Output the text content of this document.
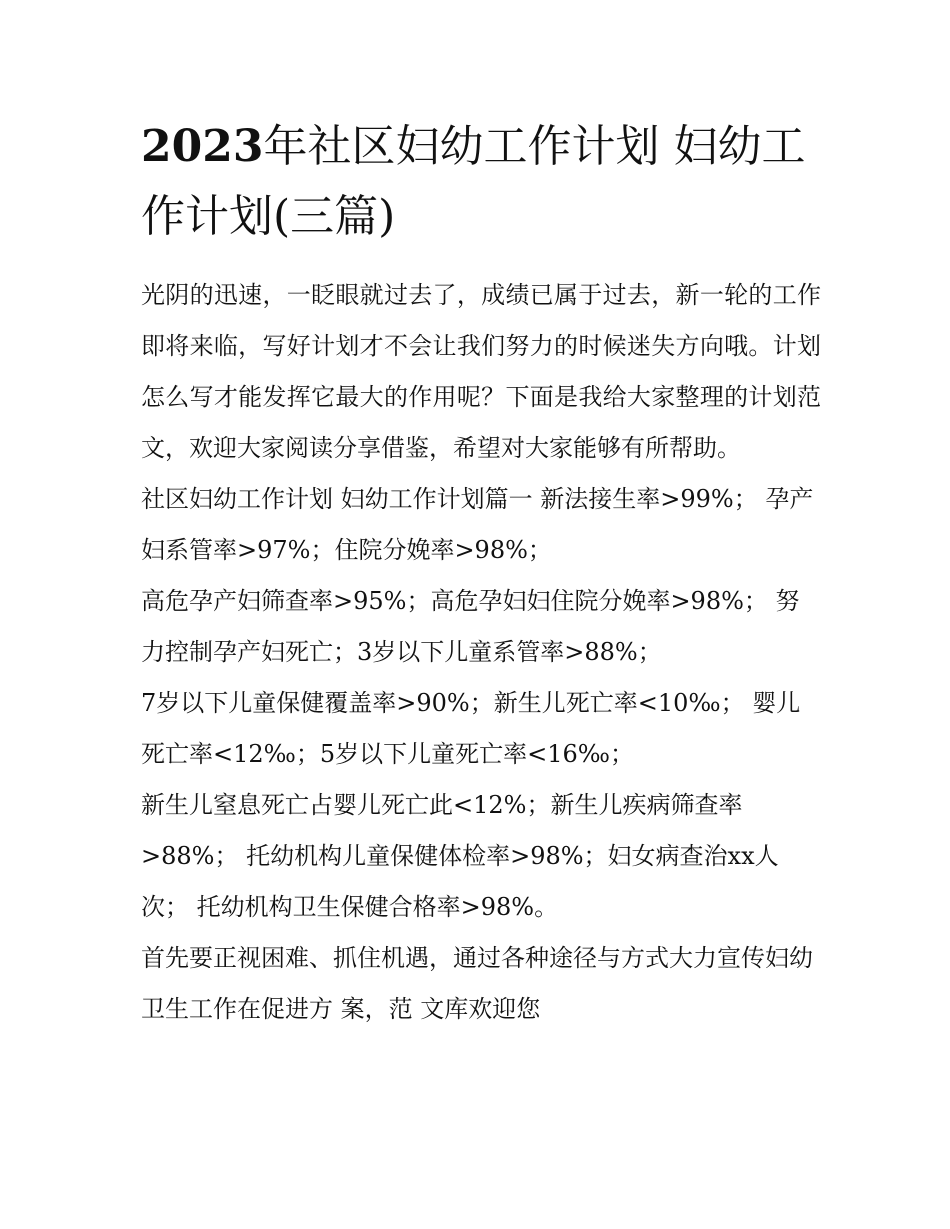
2023年社区妇幼工作计划 妇幼工作计划(三篇)

光阴的迅速，一眨眼就过去了，成绩已属于过去，新一轮的工作即将来临，写好计划才不会让我们努力的时候迷失方向哦。计划怎么写才能发挥它最大的作用呢？下面是我给大家整理的计划范文，欢迎大家阅读分享借鉴，希望对大家能够有所帮助。

社区妇幼工作计划 妇幼工作计划篇一 新法接生率>99%； 孕产妇系管率>97%；住院分娩率>98%；

高危孕产妇筛查率>95%；高危孕妇妇住院分娩率>98%； 努力控制孕产妇死亡；3岁以下儿童系管率>88%；

7岁以下儿童保健覆盖率>90%；新生儿死亡率<10‰； 婴儿死亡率<12‰；5岁以下儿童死亡率<16‰；

新生儿窒息死亡占婴儿死亡此<12%；新生儿疾病筛查率>88%； 托幼机构儿童保健体检率>98%；妇女病查治xx人次； 托幼机构卫生保健合格率>98%。

首先要正视困难、抓住机遇，通过各种途径与方式大力宣传妇幼卫生工作在促进方 案，范 文库欢迎您
